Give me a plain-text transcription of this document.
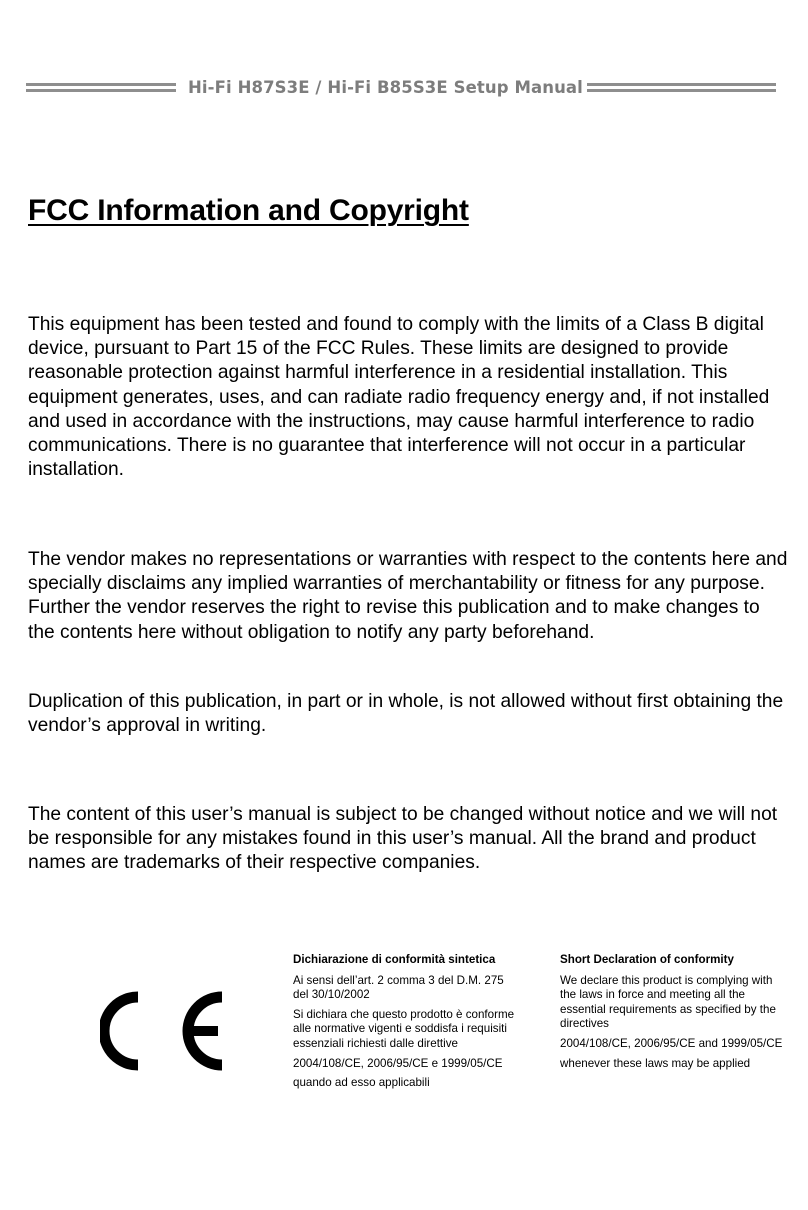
Hi-Fi H87S3E / Hi-Fi B85S3E Setup Manual
FCC Information and Copyright

This equipment has been tested and found to comply with the limits of a Class B digital device, pursuant to Part 15 of the FCC Rules. These limits are designed to provide reasonable protection against harmful interference in a residential installation. This equipment generates, uses, and can radiate radio frequency energy and, if not installed and used in accordance with the instructions, may cause harmful interference to radio communications. There is no guarantee that interference will not occur in a particular installation.

The vendor makes no representations or warranties with respect to the contents here and specially disclaims any implied warranties of merchantability or fitness for any purpose. Further the vendor reserves the right to revise this publication and to make changes to the contents here without obligation to notify any party beforehand.

Duplication of this publication, in part or in whole, is not allowed without first obtaining the vendor’s approval in writing.

The content of this user’s manual is subject to be changed without notice and we will not be responsible for any mistakes found in this user’s manual. All the brand and product names are trademarks of their respective companies.

Dichiarazione di conformità sintetica

Ai sensi dell’art. 2 comma 3 del D.M. 275 del 30/10/2002

Si dichiara che questo prodotto è conforme alle normative vigenti e soddisfa i requisiti essenziali richiesti dalle direttive

2004/108/CE, 2006/95/CE e 1999/05/CE

quando ad esso applicabili

Short Declaration of conformity

We declare this product is complying with the laws in force and meeting all the essential requirements as specified by the directives

2004/108/CE, 2006/95/CE and 1999/05/CE

whenever these laws may be applied
